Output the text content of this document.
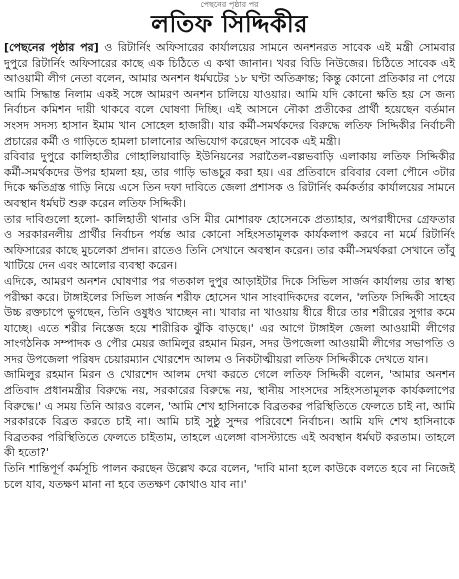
পেছনের পৃষ্ঠার পর
লতিফ সিদ্দিকীর

[পেছনের পৃষ্ঠার পর] ও রিটার্নিং অফিসারের কার্যালয়ের সামনে অনশনরত সাবেক এই মন্ত্রী সোমবার দুপুরে রিটার্নিং অফিসারের কাছে এক চিঠিতে এ কথা জানান। খবর বিডি নিউজের। চিঠিতে সাবেক এই আওয়ামী লীগ নেতা বলেন, আমার অনশন ধর্মঘটের ১৮ ঘণ্টা অতিক্রান্ত; কিন্তু কোনো প্রতিকার না পেয়ে আমি সিদ্ধান্ত নিলাম একই সঙ্গে আমরণ অনশন চালিয়ে যাওয়ার। আমি যদি কোনো ক্ষতি হয় সে জন্য নির্বাচন কমিশন দায়ী থাকবে বলে ঘোষণা দিচ্ছি। এই আসনে নৌকা প্রতীকের প্রার্থী হয়েছেন বর্তমান সংসদ সদস্য হাসান ইমাম খান সোহেল হাজারী। যার কর্মী-সমর্থকদের বিরুদ্ধে লতিফ সিদ্দিকীর নির্বাচনী প্রচারের কর্মী ও গাড়িতে হামলা চালানোর অভিযোগ করেছেন সাবেক এই মন্ত্রী।

রবিবার দুপুরে কালিহাতীর গোহালিয়াবাড়ি ইউনিয়নের সরাতৈল-বল্লভবাড়ি এলাকায় লতিফ সিদ্দিকীর কর্মী-সমর্থকদের উপর হামলা হয়, তার গাড়ি ভাঙচুর করা হয়। এর প্রতিবাদে রবিবার বেলা পৌনে ৩টার দিকে ক্ষতিগ্রস্ত গাড়ি নিয়ে এসে তিন দফা দাবিতে জেলা প্রশাসক ও রিটার্নিং কর্মকর্তার কার্যালয়ের সামনে অবস্থান ধর্মঘট শুরু করেন লতিফ সিদ্দিকী।

তার দাবিগুলো হলো- কালিহাতী থানার ওসি মীর মোশারফ হোসেনকে প্রত্যাহার, অপরাধীদের গ্রেফতার ও সরকারনলীয় প্রার্থীর নির্বাচন পর্যন্ত আর কোনো সহিংসতামূলক কার্যকলাপ করবে না মর্মে রিটার্নিং অফিসারের কাছে মুচলেকা প্রদান। রাতেও তিনি সেখানে অবস্থান করেন। তার কর্মী-সমর্থকরা সেখানে তাঁবু খাটিয়ে দেন এবং আলোর ব্যবস্থা করেন।

এদিকে, আমরণ অনশন ঘোষণার পর গতকাল দুপুর আড়াইটার দিকে সিভিল সার্জন কার্যালয় তার স্বাস্থ্য পরীক্ষা করে। টাঙ্গাইলের সিভিল সার্জন শরীফ হোসেন খান সাংবাদিকদের বলেন, 'লতিফ সিদ্দিকী সাহেব উচ্চ রক্তচাপে ভুগছেন, তিনি ওষুধও খাচ্ছেন না। খাবার না খাওয়ায় ধীরে ধীরে তার শরীরের সুগার কমে যাচ্ছে। এতে শরীর নিস্তেজ হয়ে শারীরিক ঝুঁকি বাড়ছে।' এর আগে টাঙ্গাইল জেলা আওয়ামী লীগের সাংগঠনিক সম্পাদক ও পৌর মেয়র জামিলুর রহমান মিরন, সদর উপজেলা আওয়ামী লীগের সভাপতি ও সদর উপজেলা পরিষদ চেয়ারম্যান খোরশেদ আলম ও নিকটাত্মীয়রা লতিফ সিদ্দিকীকে দেখতে যান।

জামিলুর রহমান মিরন ও খোরশেদ আলম দেখা করতে গেলে লতিফ সিদ্দিকী বলেন, 'আমার অনশন প্রতিবাদ প্রধানমন্ত্রীর বিরুদ্ধে নয়, সরকারের বিরুদ্ধে নয়, স্থানীয় সাংসদের সহিংসতামূলক কার্যকলাপের বিরুদ্ধে।' এ সময় তিনি আরও বলেন, 'আমি শেখ হাসিনাকে বিব্রতকর পরিস্থিতিতে ফেলতে চাই না, আমি সরকারকে বিব্রত করতে চাই না। আমি চাই সুষ্ঠু সুন্দর পরিবেশে নির্বাচন। আমি যদি শেখ হাসিনাকে বিব্রতকর পরিস্থিতিতে ফেলতে চাইতাম, তাহলে এলেঙ্গা বাসস্ট্যান্ডে এই অবস্থান ধর্মঘট করতাম। তাহলে কী হতো?'

তিনি শান্তিপূর্ণ কর্মসূচি পালন করছেন উল্লেখ করে বলেন, 'দাবি মানা হলে কাউকে বলতে হবে না নিজেই চলে যাব, যতক্ষণ মানা না হবে ততক্ষণ কোথাও যাব না।'
